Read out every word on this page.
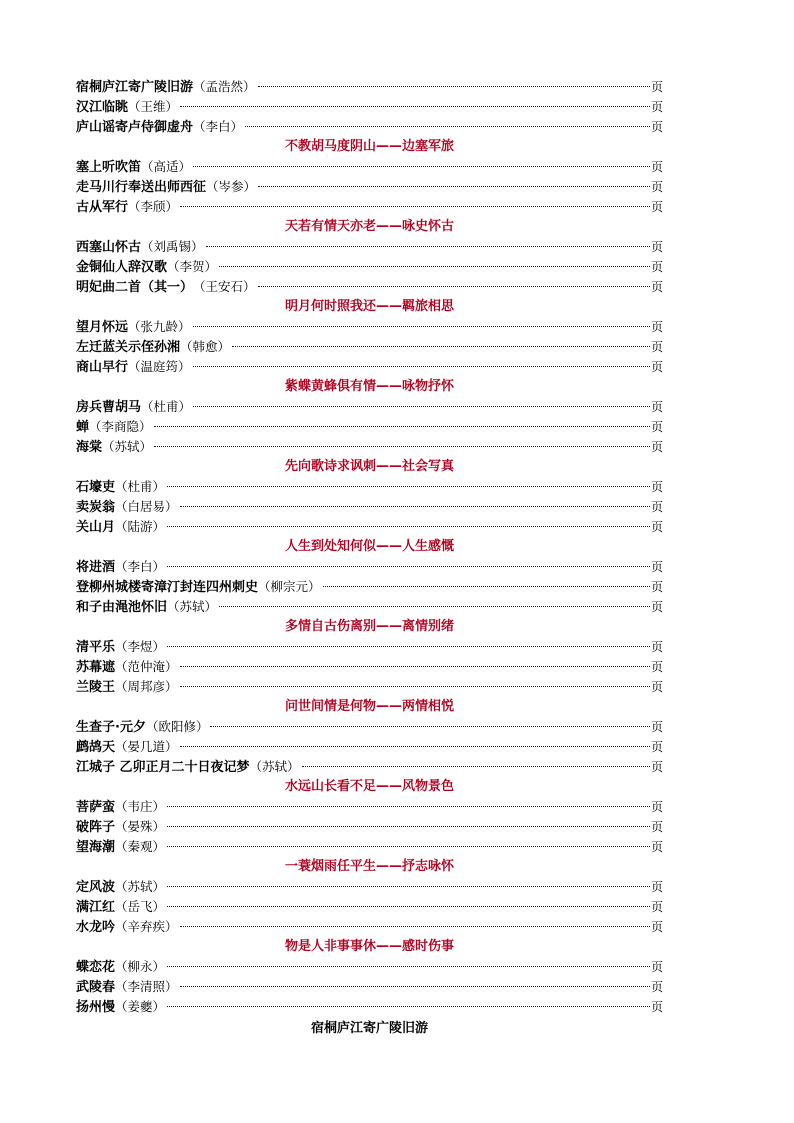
宿桐庐江寄广陵旧游 （孟浩然）	页
汉江临眺 （王维）	页
庐山谣寄卢侍御虚舟 （李白）	页
不教胡马度阴山——边塞军旅
塞上听吹笛 （高适）	页
走马川行奉送出师西征 （岑参）	页
古从军行 （李颀）	页
天若有情天亦老——咏史怀古
西塞山怀古 （刘禹锡）	页
金铜仙人辞汉歌 （李贺）	页
明妃曲二首（其一） （王安石）	页
明月何时照我还——羁旅相思
望月怀远 （张九龄）	页
左迁蓝关示侄孙湘 （韩愈）	页
商山早行 （温庭筠）	页
紫蝶黄蜂俱有情——咏物抒怀
房兵曹胡马 （杜甫）	页
蝉 （李商隐）	页
海棠 （苏轼）	页
先向歌诗求讽刺——社会写真
石壕吏 （杜甫）	页
卖炭翁 （白居易）	页
关山月 （陆游）	页
人生到处知何似——人生感慨
将进酒 （李白）	页
登柳州城楼寄漳汀封连四州刺史 （柳宗元）	页
和子由渑池怀旧 （苏轼）	页
多情自古伤离别——离情别绪
清平乐 （李煜）	页
苏幕遮 （范仲淹）	页
兰陵王 （周邦彦）	页
问世间情是何物——两情相悦
生查子·元夕 （欧阳修）	页
鹧鸪天 （晏几道）	页
江城子 乙卯正月二十日夜记梦 （苏轼）	页
水远山长看不足——风物景色
菩萨蛮 （韦庄）	页
破阵子 （晏殊）	页
望海潮 （秦观）	页
一蓑烟雨任平生——抒志咏怀
定风波 （苏轼）	页
满江红 （岳飞）	页
水龙吟 （辛弃疾）	页
物是人非事事休——感时伤事
蝶恋花 （柳永）	页
武陵春 （李清照）	页
扬州慢 （姜夔）	页
宿桐庐江寄广陵旧游
